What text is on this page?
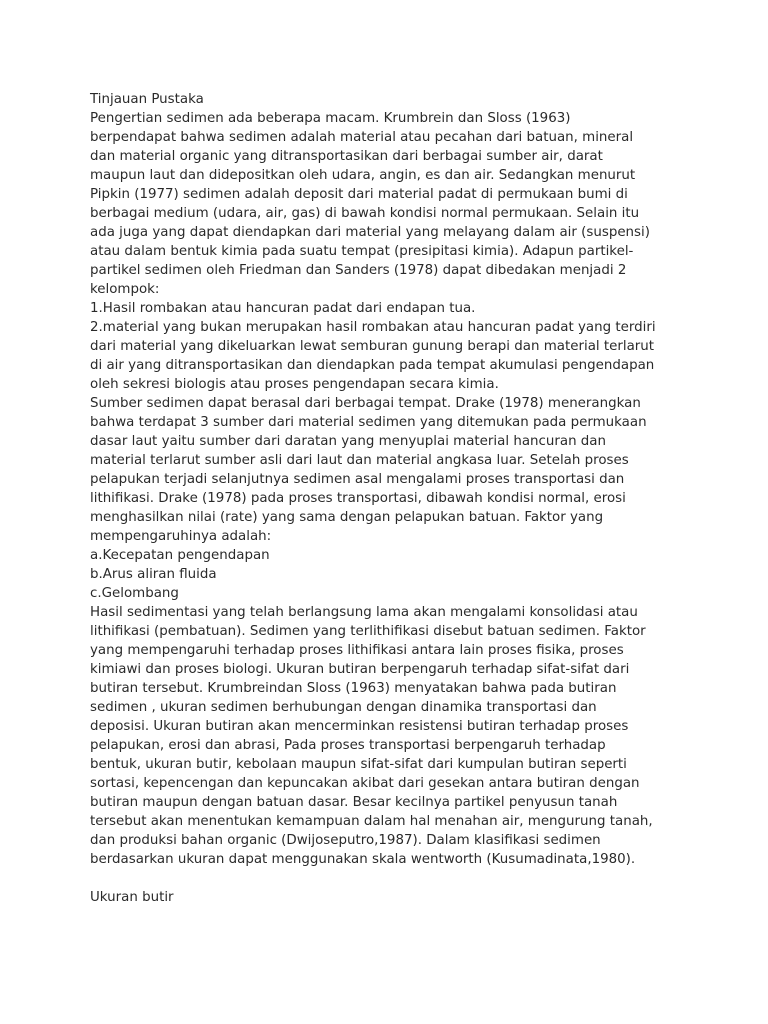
Tinjauan Pustaka
Pengertian sedimen ada beberapa macam. Krumbrein dan Sloss (1963)
berpendapat bahwa sedimen adalah material atau pecahan dari batuan, mineral
dan material organic yang ditransportasikan dari berbagai sumber air, darat
maupun laut dan didepositkan oleh udara, angin, es dan air. Sedangkan menurut
Pipkin (1977) sedimen adalah deposit dari material padat di permukaan bumi di
berbagai medium (udara, air, gas) di bawah kondisi normal permukaan. Selain itu
ada juga yang dapat diendapkan dari material yang melayang dalam air (suspensi)
atau dalam bentuk kimia pada suatu tempat (presipitasi kimia). Adapun partikel-
partikel sedimen oleh Friedman dan Sanders (1978) dapat dibedakan menjadi 2
kelompok:
1.Hasil rombakan atau hancuran padat dari endapan tua.
2.material yang bukan merupakan hasil rombakan atau hancuran padat yang terdiri
dari material yang dikeluarkan lewat semburan gunung berapi dan material terlarut
di air yang ditransportasikan dan diendapkan pada tempat akumulasi pengendapan
oleh sekresi biologis atau proses pengendapan secara kimia.
Sumber sedimen dapat berasal dari berbagai tempat. Drake (1978) menerangkan
bahwa terdapat 3 sumber dari material sedimen yang ditemukan pada permukaan
dasar laut yaitu sumber dari daratan yang menyuplai material hancuran dan
material terlarut sumber asli dari laut dan material angkasa luar. Setelah proses
pelapukan terjadi selanjutnya sedimen asal mengalami proses transportasi dan
lithifikasi. Drake (1978) pada proses transportasi, dibawah kondisi normal, erosi
menghasilkan nilai (rate) yang sama dengan pelapukan batuan. Faktor yang
mempengaruhinya adalah:
a.Kecepatan pengendapan
b.Arus aliran fluida
c.Gelombang
Hasil sedimentasi yang telah berlangsung lama akan mengalami konsolidasi atau
lithifikasi (pembatuan). Sedimen yang terlithifikasi disebut batuan sedimen. Faktor
yang mempengaruhi terhadap proses lithifikasi antara lain proses fisika, proses
kimiawi dan proses biologi. Ukuran butiran berpengaruh terhadap sifat-sifat dari
butiran tersebut. Krumbreindan Sloss (1963) menyatakan bahwa pada butiran
sedimen , ukuran sedimen berhubungan dengan dinamika transportasi dan
deposisi. Ukuran butiran akan mencerminkan resistensi butiran terhadap proses
pelapukan, erosi dan abrasi, Pada proses transportasi berpengaruh terhadap
bentuk, ukuran butir, kebolaan maupun sifat-sifat dari kumpulan butiran seperti
sortasi, kepencengan dan kepuncakan akibat dari gesekan antara butiran dengan
butiran maupun dengan batuan dasar. Besar kecilnya partikel penyusun tanah
tersebut akan menentukan kemampuan dalam hal menahan air, mengurung tanah,
dan produksi bahan organic (Dwijoseputro,1987). Dalam klasifikasi sedimen
berdasarkan ukuran dapat menggunakan skala wentworth (Kusumadinata,1980).
Ukuran butir
